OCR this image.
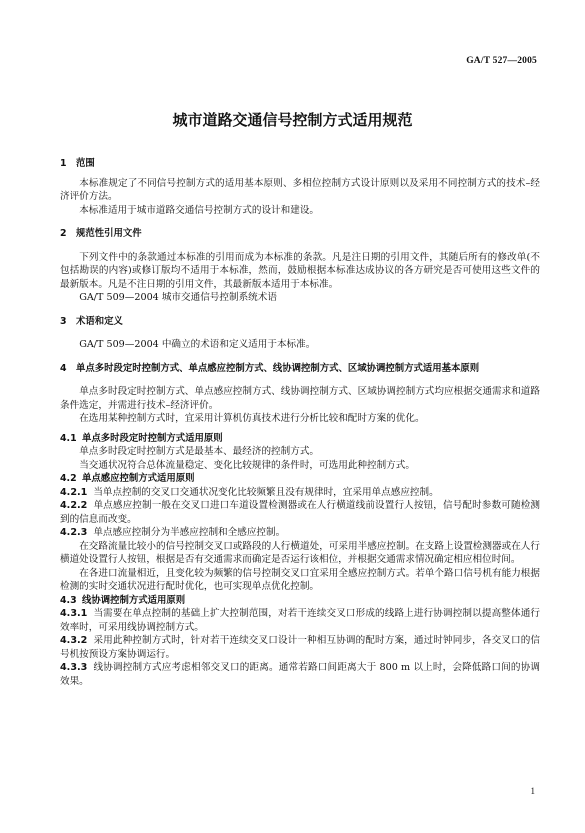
GA/T 527—2005
城市道路交通信号控制方式适用规范
1 范围

本标准规定了不同信号控制方式的适用基本原则、多相位控制方式设计原则以及采用不同控制方式的技术–经济评价方法。

本标准适用于城市道路交通信号控制方式的设计和建设。

2 规范性引用文件

下列文件中的条款通过本标准的引用而成为本标准的条款。凡是注日期的引用文件，其随后所有的修改单(不包括勘误的内容)或修订版均不适用于本标准，然而，鼓励根据本标准达成协议的各方研究是否可使用这些文件的最新版本。凡是不注日期的引用文件，其最新版本适用于本标准。

GA/T 509—2004 城市交通信号控制系统术语

3 术语和定义

GA/T 509—2004 中确立的术语和定义适用于本标准。

4 单点多时段定时控制方式、单点感应控制方式、线协调控制方式、区域协调控制方式适用基本原则

单点多时段定时控制方式、单点感应控制方式、线协调控制方式、区域协调控制方式均应根据交通需求和道路条件选定，并需进行技术–经济评价。

在选用某种控制方式时，宜采用计算机仿真技术进行分析比较和配时方案的优化。

4.1 单点多时段定时控制方式适用原则

单点多时段定时控制方式是最基本、最经济的控制方式。

当交通状况符合总体流量稳定、变化比较规律的条件时，可选用此种控制方式。

4.2 单点感应控制方式适用原则

4.2.1 当单点控制的交叉口交通状况变化比较频繁且没有规律时，宜采用单点感应控制。

4.2.2 单点感应控制一般在交叉口进口车道设置检测器或在人行横道线前设置行人按钮，信号配时参数可随检测到的信息而改变。

4.2.3 单点感应控制分为半感应控制和全感应控制。

在交路流量比较小的信号控制交叉口或路段的人行横道处，可采用半感应控制。在支路上设置检测器或在人行横道处设置行人按钮，根据是否有交通需求而确定是否运行该相位，并根据交通需求情况确定相应相位时间。

在各进口流量相近，且变化较为频繁的信号控制交叉口宜采用全感应控制方式。若单个路口信号机有能力根据检测的实时交通状况进行配时优化，也可实现单点优化控制。

4.3 线协调控制方式适用原则

4.3.1 当需要在单点控制的基础上扩大控制范围，对若干连续交叉口形成的线路上进行协调控制以提高整体通行效率时，可采用线协调控制方式。

4.3.2 采用此种控制方式时，针对若干连续交叉口设计一种相互协调的配时方案，通过时钟同步，各交叉口的信号机按预设方案协调运行。

4.3.3 线协调控制方式应考虑相邻交叉口的距离。通常若路口间距离大于 800 m 以上时，会降低路口间的协调效果。

1
